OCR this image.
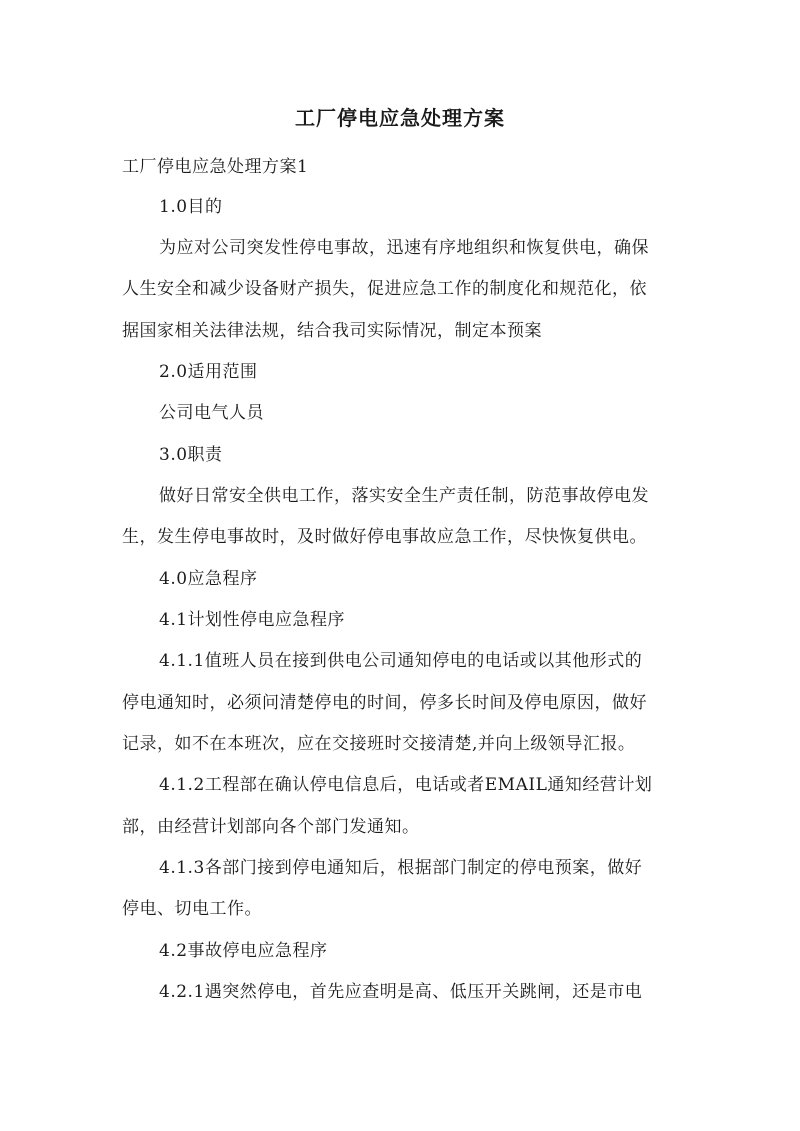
工厂停电应急处理方案
工厂停电应急处理方案1
1.0目的
为应对公司突发性停电事故，迅速有序地组织和恢复供电，确保
人生安全和减少设备财产损失，促进应急工作的制度化和规范化，依
据国家相关法律法规，结合我司实际情况，制定本预案
2.0适用范围
公司电气人员
3.0职责
做好日常安全供电工作，落实安全生产责任制，防范事故停电发
生，发生停电事故时，及时做好停电事故应急工作，尽快恢复供电。
4.0应急程序
4.1计划性停电应急程序
4.1.1值班人员在接到供电公司通知停电的电话或以其他形式的
停电通知时，必须问清楚停电的时间，停多长时间及停电原因，做好
记录，如不在本班次，应在交接班时交接清楚,并向上级领导汇报。
4.1.2工程部在确认停电信息后，电话或者EMAIL通知经营计划
部，由经营计划部向各个部门发通知。
4.1.3各部门接到停电通知后，根据部门制定的停电预案，做好
停电、切电工作。
4.2事故停电应急程序
4.2.1遇突然停电，首先应查明是高、低压开关跳闸，还是市电
